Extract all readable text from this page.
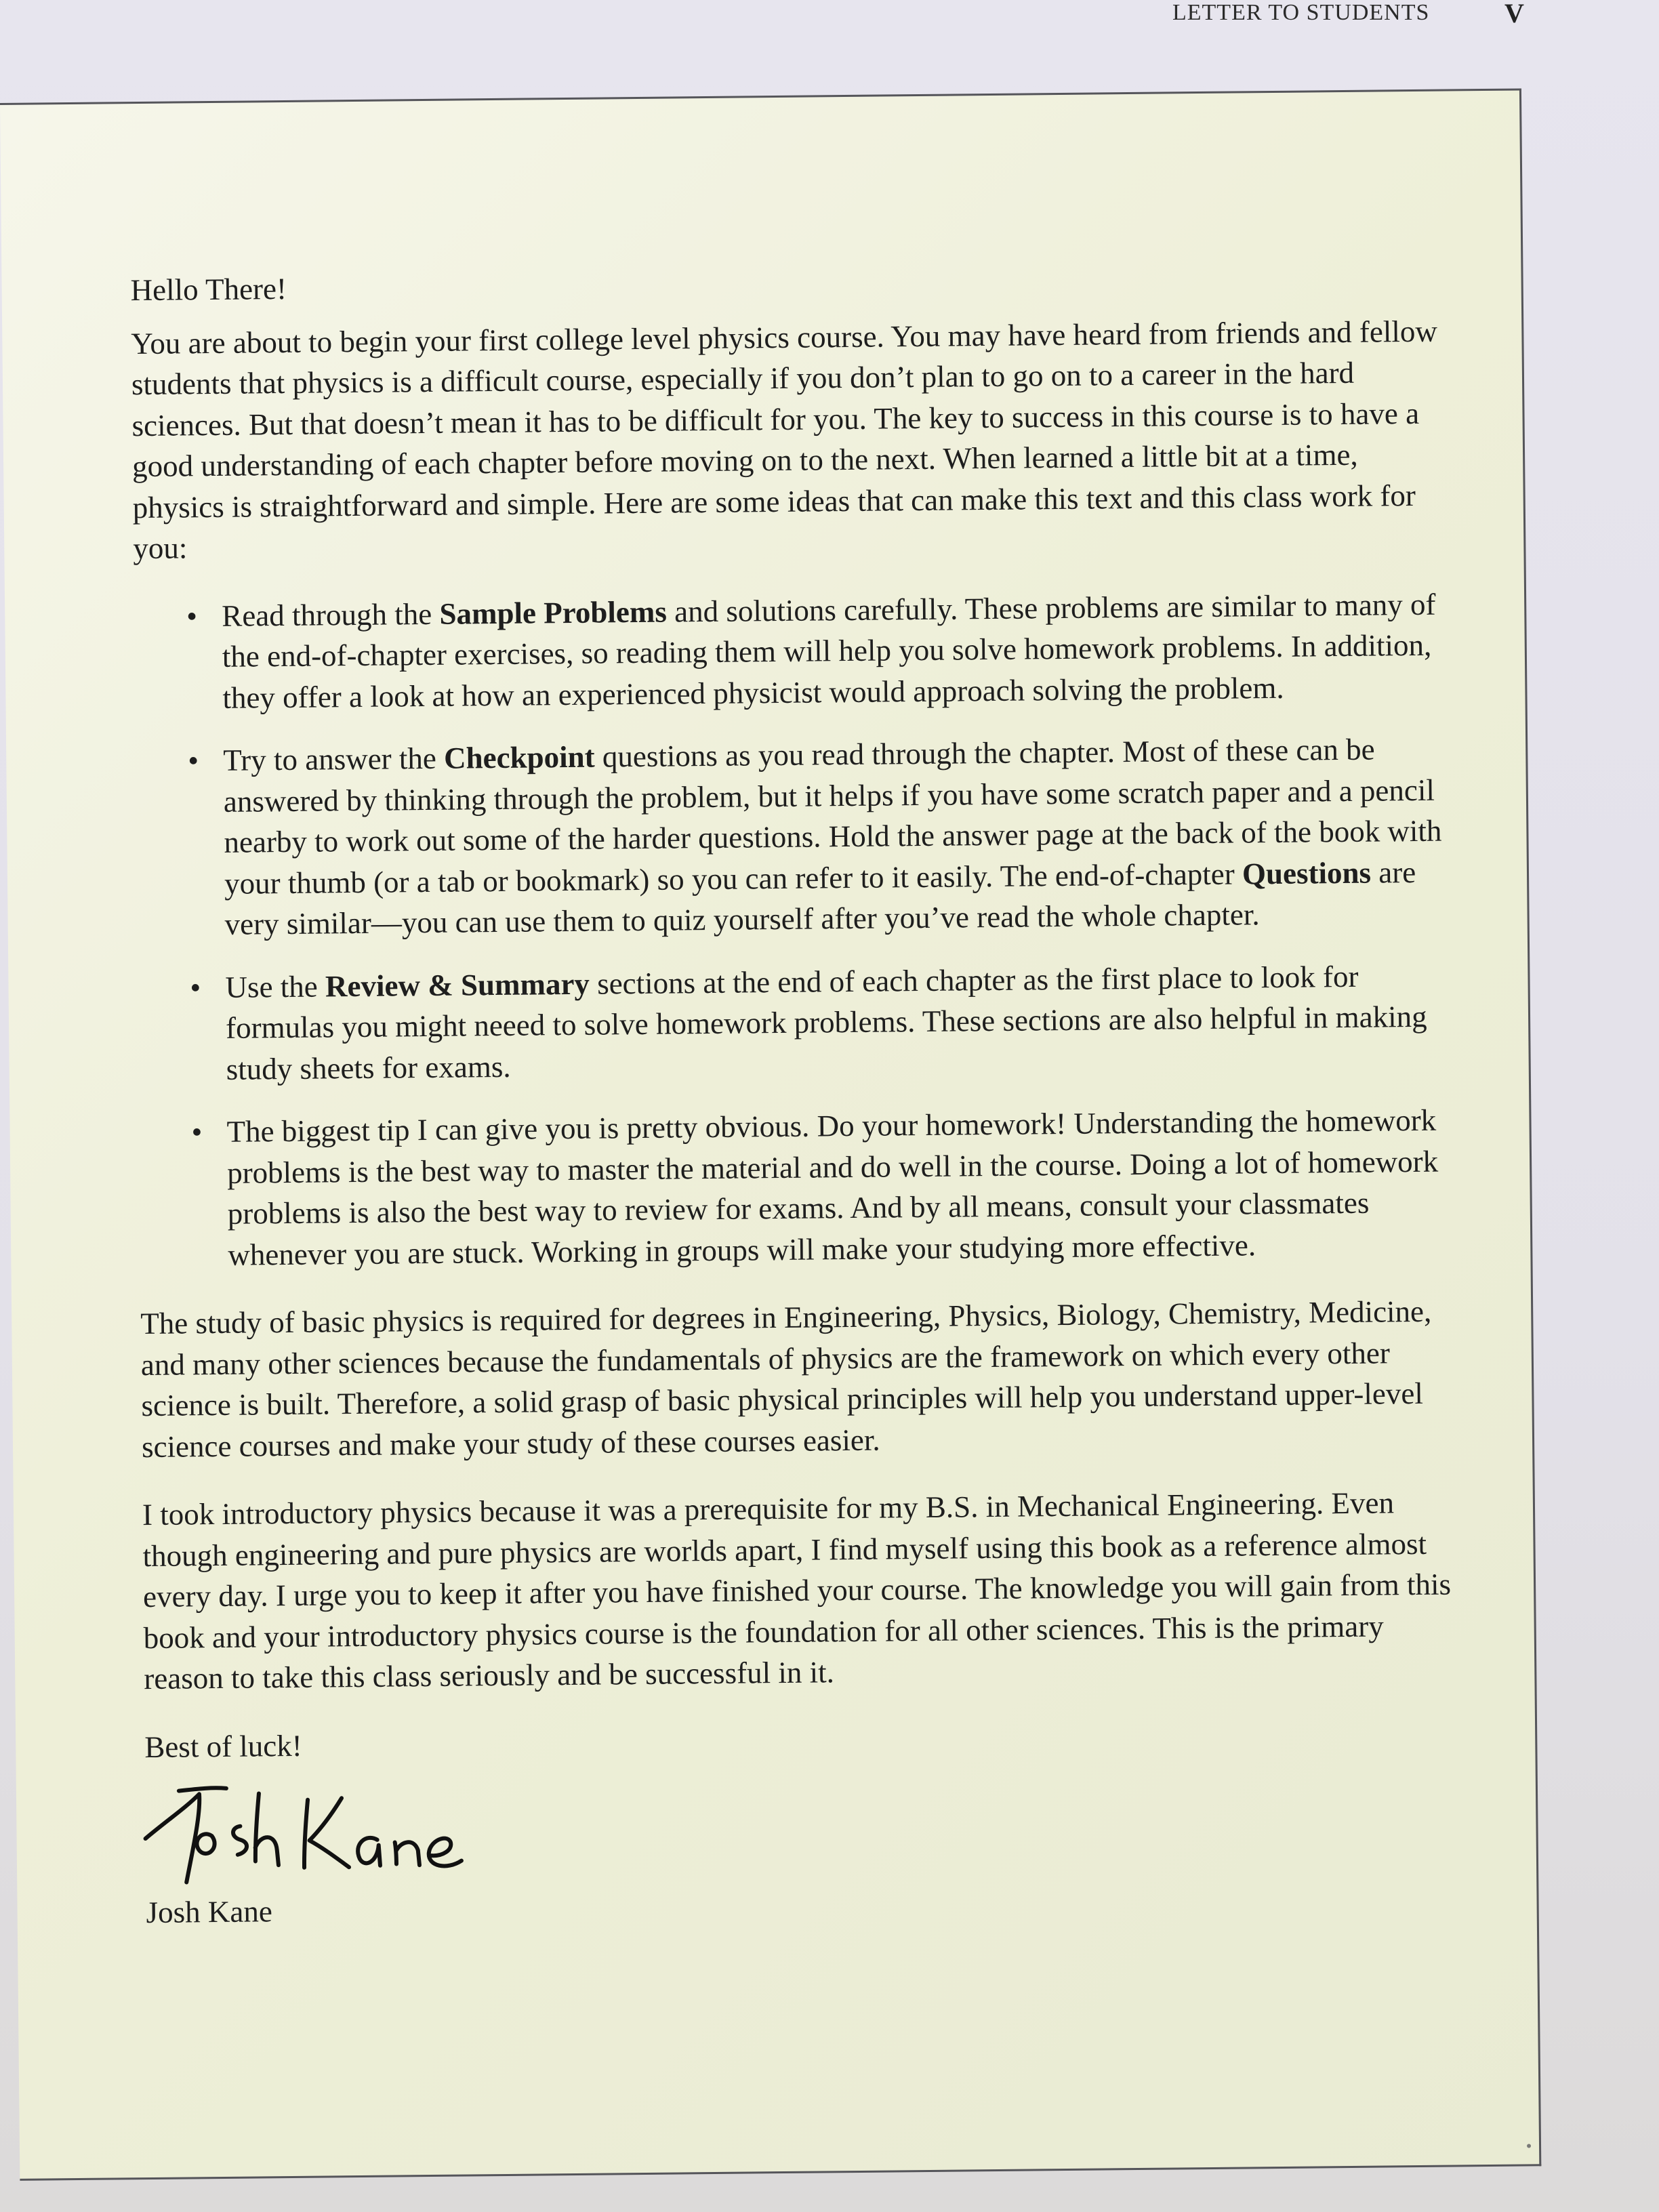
LETTER TO STUDENTS	V

Hello There!

You are about to begin your first college level physics course. You may have heard from friends and fellow students that physics is a difficult course, especially if you don’t plan to go on to a career in the hard sciences. But that doesn’t mean it has to be difficult for you. The key to success in this course is to have a good understanding of each chapter before moving on to the next. When learned a little bit at a time, physics is straightforward and simple. Here are some ideas that can make this text and this class work for you:

• Read through the Sample Problems and solutions carefully. These problems are similar to many of the end-of-chapter exercises, so reading them will help you solve homework problems. In addition, they offer a look at how an experienced physicist would approach solving the problem.
• Try to answer the Checkpoint questions as you read through the chapter. Most of these can be answered by thinking through the problem, but it helps if you have some scratch paper and a pencil nearby to work out some of the harder questions. Hold the answer page at the back of the book with your thumb (or a tab or bookmark) so you can refer to it easily. The end-of-chapter Questions are very similar—you can use them to quiz yourself after you’ve read the whole chapter.
• Use the Review & Summary sections at the end of each chapter as the first place to look for formulas you might neeed to solve homework problems. These sections are also helpful in making study sheets for exams.
• The biggest tip I can give you is pretty obvious. Do your homework! Understanding the homework problems is the best way to master the material and do well in the course. Doing a lot of homework problems is also the best way to review for exams. And by all means, consult your classmates whenever you are stuck. Working in groups will make your studying more effective.

The study of basic physics is required for degrees in Engineering, Physics, Biology, Chemistry, Medicine, and many other sciences because the fundamentals of physics are the framework on which every other science is built. Therefore, a solid grasp of basic physical principles will help you understand upper-level science courses and make your study of these courses easier.

I took introductory physics because it was a prerequisite for my B.S. in Mechanical Engineering. Even though engineering and pure physics are worlds apart, I find myself using this book as a reference almost every day. I urge you to keep it after you have finished your course. The knowledge you will gain from this book and your introductory physics course is the foundation for all other sciences. This is the primary reason to take this class seriously and be successful in it.

Best of luck!

Josh Kane
